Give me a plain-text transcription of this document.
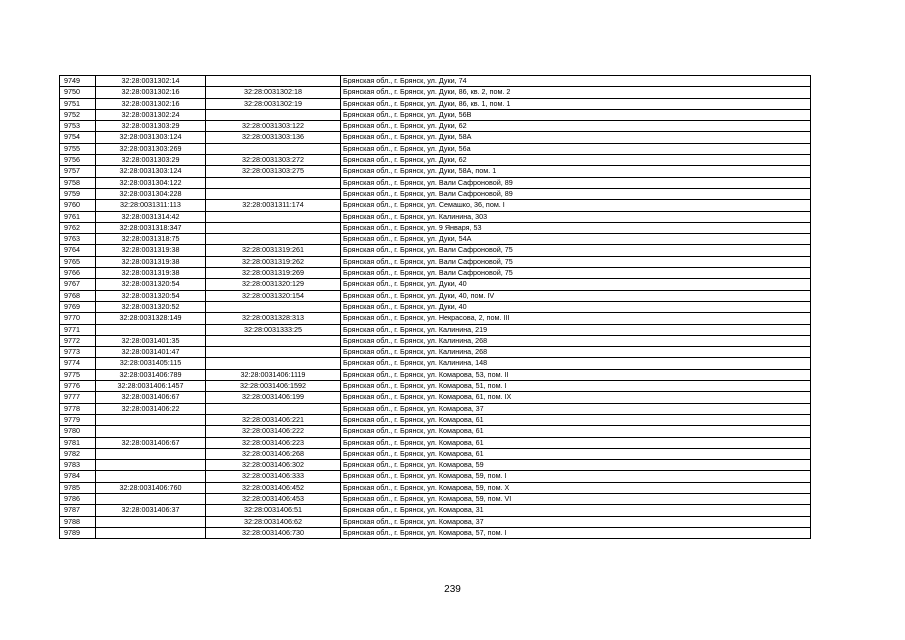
9749	32:28:0031302:14		Брянская обл., г. Брянск, ул. Дуки, 74
9750	32:28:0031302:16	32:28:0031302:18	Брянская обл., г. Брянск, ул. Дуки, 86, кв. 2, пом. 2
9751	32:28:0031302:16	32:28:0031302:19	Брянская обл., г. Брянск, ул. Дуки, 86, кв. 1, пом. 1
9752	32:28:0031302:24		Брянская обл., г. Брянск, ул. Дуки, 56В
9753	32:28:0031303:29	32:28:0031303:122	Брянская обл., г. Брянск, ул. Дуки, 62
9754	32:28:0031303:124	32:28:0031303:136	Брянская обл., г. Брянск, ул. Дуки, 58А
9755	32:28:0031303:269		Брянская обл., г. Брянск, ул. Дуки, 56а
9756	32:28:0031303:29	32:28:0031303:272	Брянская обл., г. Брянск, ул. Дуки, 62
9757	32:28:0031303:124	32:28:0031303:275	Брянская обл., г. Брянск, ул. Дуки, 58А, пом. 1
9758	32:28:0031304:122		Брянская обл., г. Брянск, ул. Вали Сафроновой, 89
9759	32:28:0031304:228		Брянская обл., г. Брянск, ул. Вали Сафроновой, 89
9760	32:28:0031311:113	32:28:0031311:174	Брянская обл., г. Брянск, ул. Семашко, 36, пом. I
9761	32:28:0031314:42		Брянская обл., г. Брянск, ул. Калинина, 303
9762	32:28:0031318:347		Брянская обл., г. Брянск, ул. 9 Января, 53
9763	32:28:0031318:75		Брянская обл., г. Брянск, ул. Дуки, 54А
9764	32:28:0031319:38	32:28:0031319:261	Брянская обл., г. Брянск, ул. Вали Сафроновой, 75
9765	32:28:0031319:38	32:28:0031319:262	Брянская обл., г. Брянск, ул. Вали Сафроновой, 75
9766	32:28:0031319:38	32:28:0031319:269	Брянская обл., г. Брянск, ул. Вали Сафроновой, 75
9767	32:28:0031320:54	32:28:0031320:129	Брянская обл., г. Брянск, ул. Дуки, 40
9768	32:28:0031320:54	32:28:0031320:154	Брянская обл., г. Брянск, ул. Дуки, 40, пом. IV
9769	32:28:0031320:52		Брянская обл., г. Брянск, ул. Дуки, 40
9770	32:28:0031328:149	32:28:0031328:313	Брянская обл., г. Брянск, ул. Некрасова, 2, пом. III
9771		32:28:0031333:25	Брянская обл., г. Брянск, ул. Калинина, 219
9772	32:28:0031401:35		Брянская обл., г. Брянск, ул. Калинина, 268
9773	32:28:0031401:47		Брянская обл., г. Брянск, ул. Калинина, 268
9774	32:28:0031405:115		Брянская обл., г. Брянск, ул. Калинина, 148
9775	32:28:0031406:789	32:28:0031406:1119	Брянская обл., г. Брянск, ул. Комарова, 53, пом. II
9776	32:28:0031406:1457	32:28:0031406:1592	Брянская обл., г. Брянск, ул. Комарова, 51, пом. I
9777	32:28:0031406:67	32:28:0031406:199	Брянская обл., г. Брянск, ул. Комарова, 61, пом. IX
9778	32:28:0031406:22		Брянская обл., г. Брянск, ул. Комарова, 37
9779		32:28:0031406:221	Брянская обл., г. Брянск, ул. Комарова, 61
9780		32:28:0031406:222	Брянская обл., г. Брянск, ул. Комарова, 61
9781	32:28:0031406:67	32:28:0031406:223	Брянская обл., г. Брянск, ул. Комарова, 61
9782		32:28:0031406:268	Брянская обл., г. Брянск, ул. Комарова, 61
9783		32:28:0031406:302	Брянская обл., г. Брянск, ул. Комарова, 59
9784		32:28:0031406:333	Брянская обл., г. Брянск, ул. Комарова, 59, пом. I
9785	32:28:0031406:760	32:28:0031406:452	Брянская обл., г. Брянск, ул. Комарова, 59, пом. X
9786		32:28:0031406:453	Брянская обл., г. Брянск, ул. Комарова, 59, пом. VI
9787	32:28:0031406:37	32:28:0031406:51	Брянская обл., г. Брянск, ул. Комарова, 31
9788		32:28:0031406:62	Брянская обл., г. Брянск, ул. Комарова, 37
9789		32:28:0031406:730	Брянская обл., г. Брянск, ул. Комарова, 57, пом. I
239
